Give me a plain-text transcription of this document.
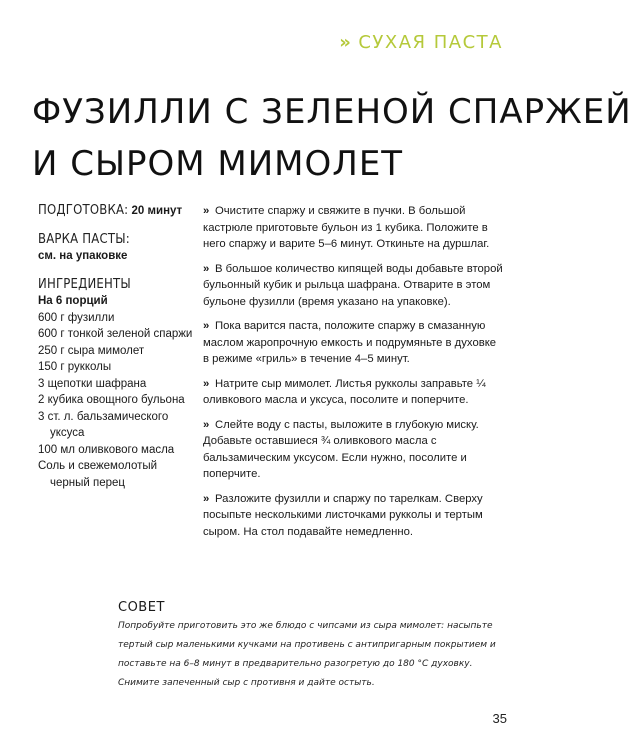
» СУХАЯ ПАСТА
ФУЗИЛЛИ С ЗЕЛЕНОЙ СПАРЖЕЙ
И СЫРОМ МИМОЛЕТ
ПОДГОТОВКА: 20 минут
ВАРКА ПАСТЫ:
см. на упаковке
ИНГРЕДИЕНТЫ
На 6 порций
600 г фузилли
600 г тонкой зеленой спаржи
250 г сыра мимолет
150 г рукколы
3 щепотки шафрана
2 кубика овощного бульона
3 ст. л. бальзамического уксуса
100 мл оливкового масла
Соль и свежемолотый черный перец
» Очистите спаржу и свяжите в пучки. В большой кастрюле приготовьте бульон из 1 кубика. Положите в него спаржу и варите 5–6 минут. Откиньте на дуршлаг.
» В большое количество кипящей воды добавьте второй бульонный кубик и рыльца шафрана. Отварите в этом бульоне фузилли (время указано на упаковке).
» Пока варится паста, положите спаржу в смазанную маслом жаропрочную емкость и подрумяньте в духовке в режиме «гриль» в течение 4–5 минут.
» Натрите сыр мимолет. Листья рукколы заправьте ¼ оливкового масла и уксуса, посолите и поперчите.
» Слейте воду с пасты, выложите в глубокую миску. Добавьте оставшиеся ¾ оливкового масла с бальзамическим уксусом. Если нужно, посолите и поперчите.
» Разложите фузилли и спаржу по тарелкам. Сверху посыпьте несколькими листочками рукколы и тертым сыром. На стол подавайте немедленно.
СОВЕТ
Попробуйте приготовить это же блюдо с чипсами из сыра мимолет: насыпьте тертый сыр маленькими кучками на противень с антипригарным покрытием и поставьте на 6–8 минут в предварительно разогретую до 180 °С духовку. Снимите запеченный сыр с противня и дайте остыть.
35
